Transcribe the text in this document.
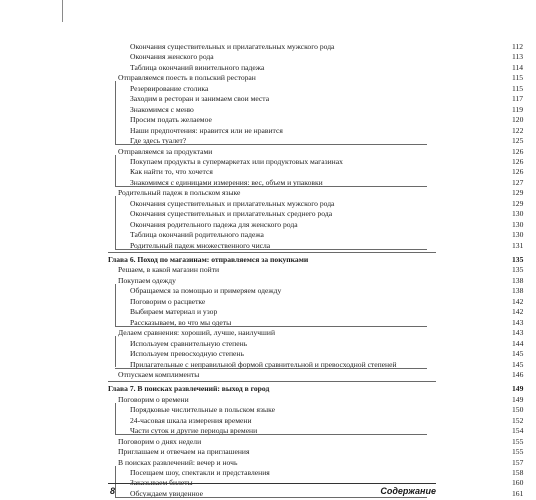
Окончания существительных и прилагательных мужского рода	112
Окончания женского рода	113
Таблица окончаний винительного падежа	114
Отправляемся поесть в польский ресторан	115
Резервирование столика	115
Заходим в ресторан и занимаем свои места	117
Знакомимся с меню	119
Просим подать желаемое	120
Наши предпочтения: нравится или не нравится	122
Где здесь туалет?	125
Отправляемся за продуктами	126
Покупаем продукты в супермаркетах или продуктовых магазинах	126
Как найти то, что хочется	126
Знакомимся с единицами измерения: вес, объем и упаковки	127
Родительный падеж в польском языке	129
Окончания существительных и прилагательных мужского рода	129
Окончания существительных и прилагательных среднего рода	130
Окончания родительного падежа для женского рода	130
Таблица окончаний родительного падежа	130
Родительный падеж множественного числа	131
Глава 6. Поход по магазинам: отправляемся за покупками	135
Решаем, в какой магазин пойти	135
Покупаем одежду	138
Обращаемся за помощью и примеряем одежду	138
Поговорим о расцветке	142
Выбираем материал и узор	142
Рассказываем, во что мы одеты	143
Делаем сравнения: хороший, лучше, наилучший	143
Используем сравнительную степень	144
Используем превосходную степень	145
Прилагательные с неправильной формой сравнительной и превосходной степеней	145
Отпускаем комплименты	146
Глава 7. В поисках развлечений: выход в город	149
Поговорим о времени	149
Порядковые числительные в польском языке	150
24-часовая шкала измерения времени	152
Части суток и другие периоды времени	154
Поговорим о днях недели	155
Приглашаем и отвечаем на приглашения	155
В поисках развлечений: вечер и ночь	157
Посещаем шоу, спектакли и представления	158
Заказываем билеты	160
Обсуждаем увиденное	161
8	Содержание
